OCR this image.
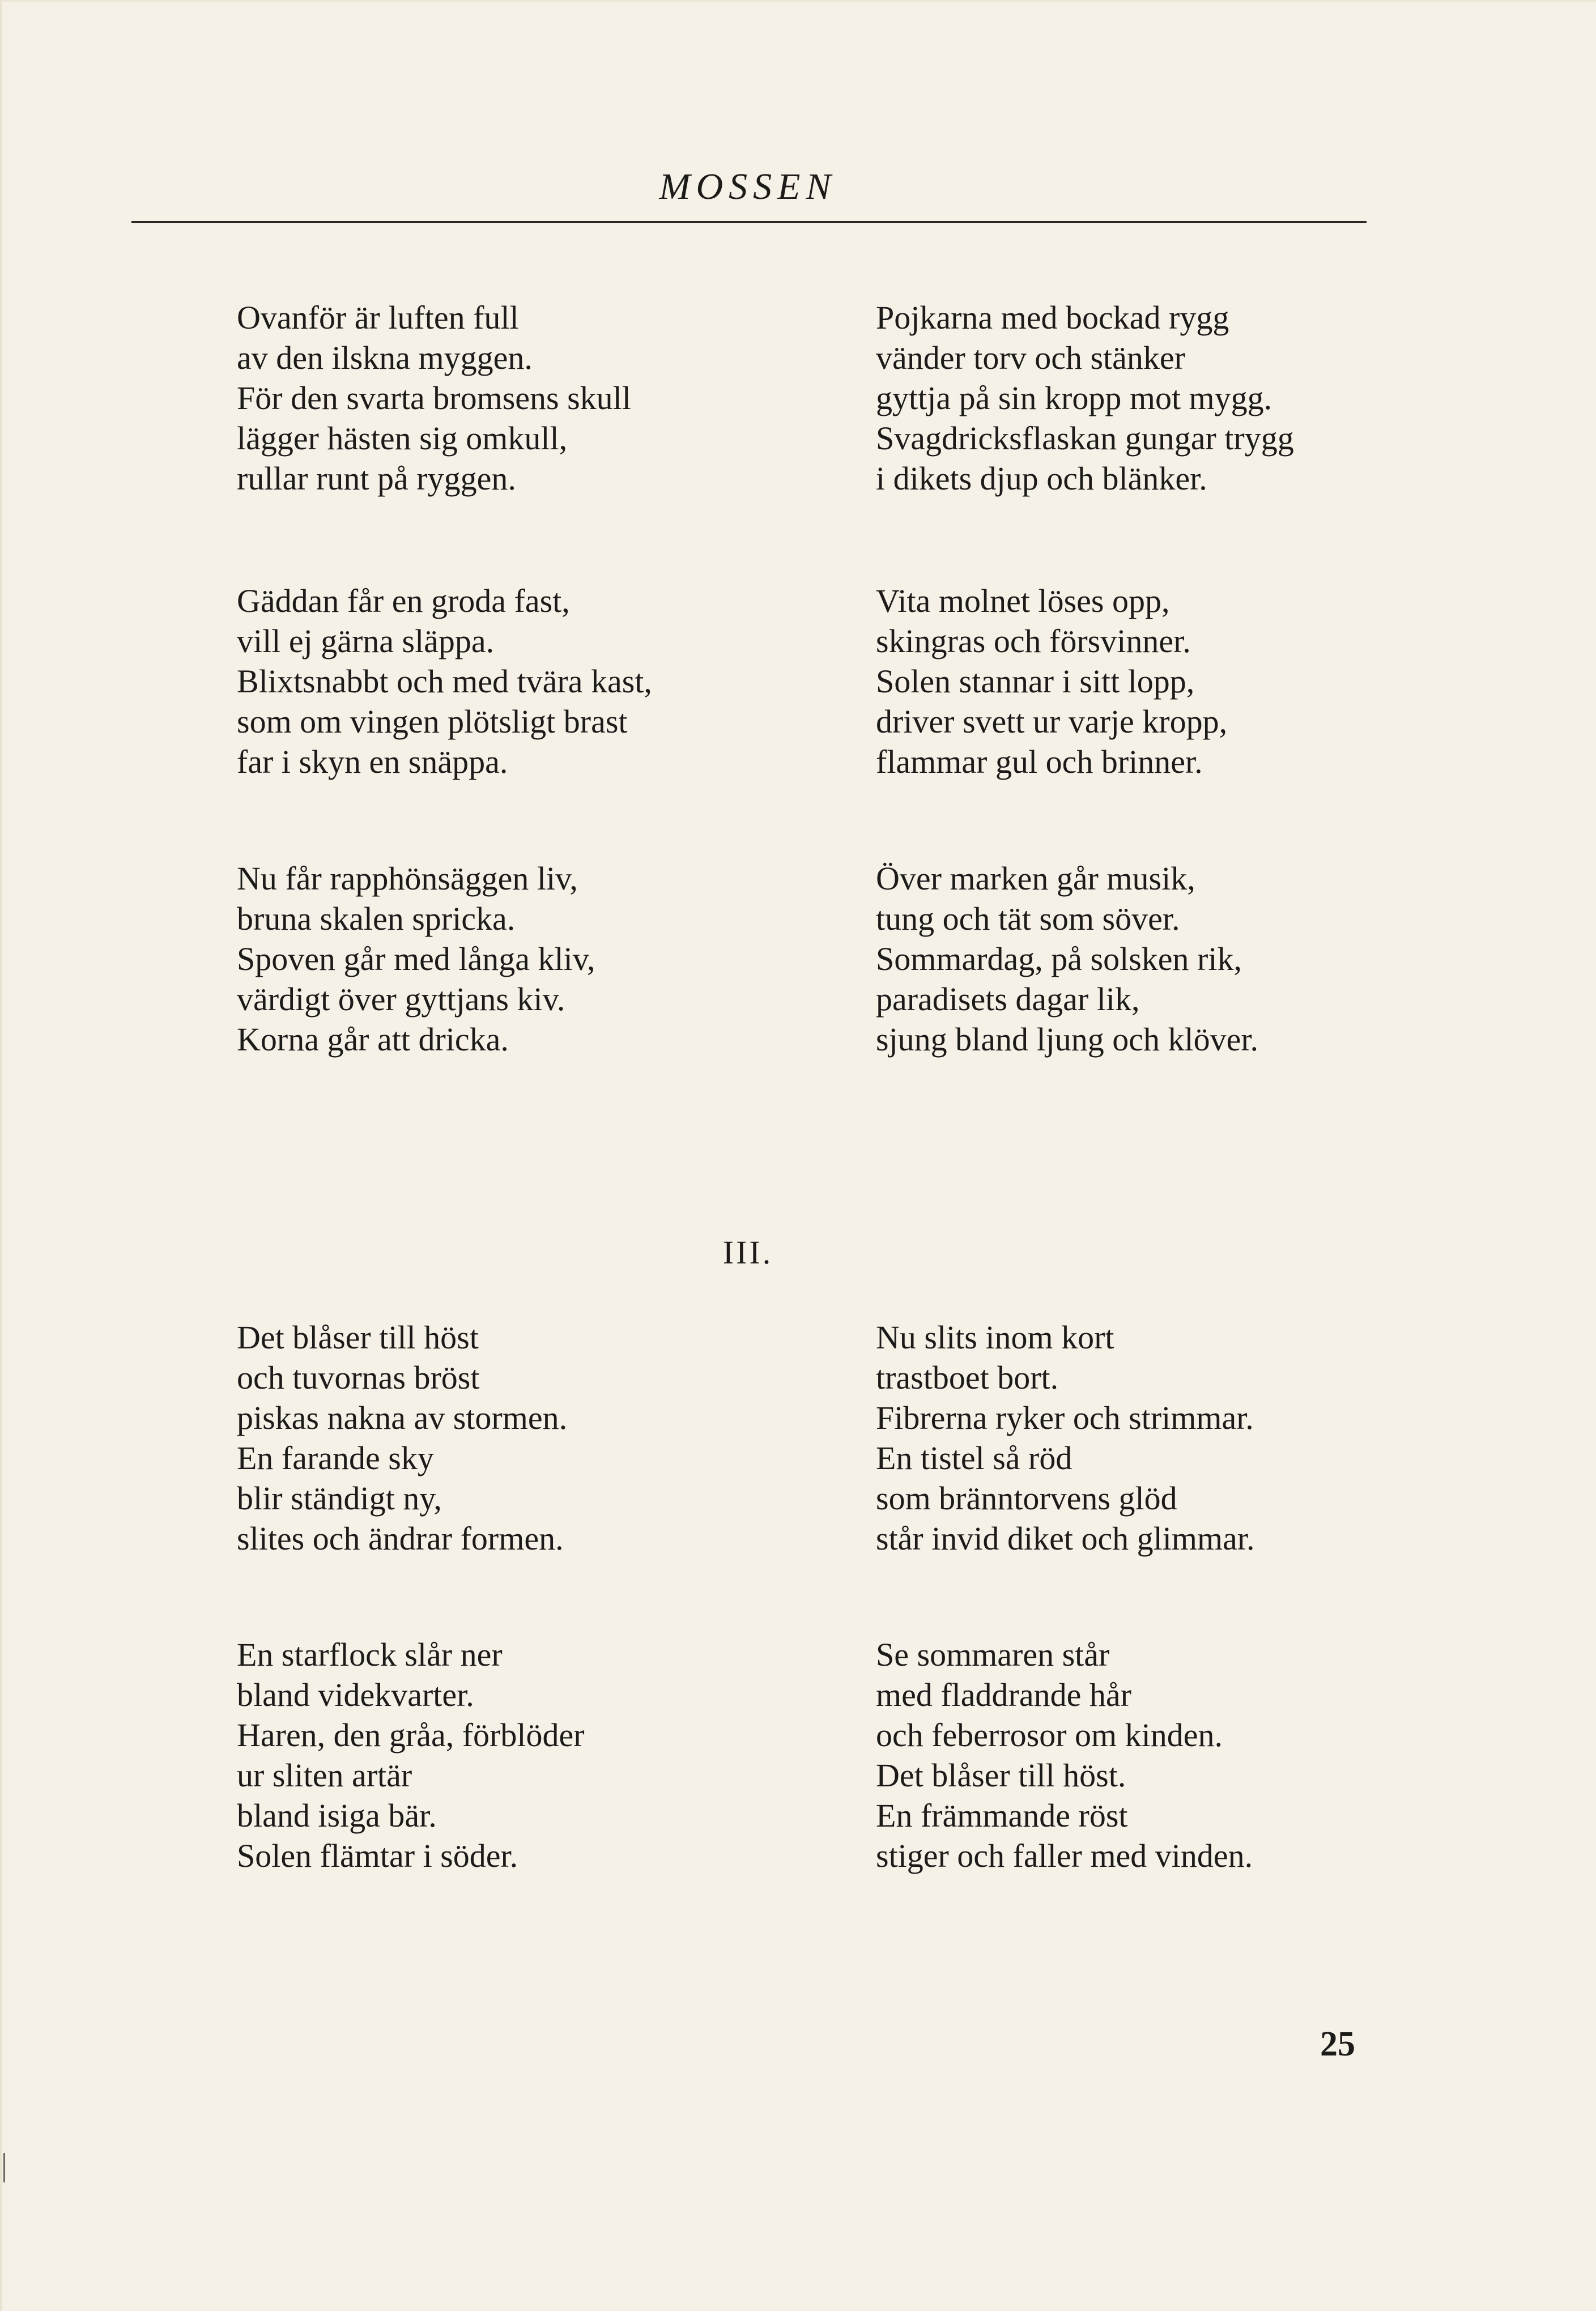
MOSSEN
Ovanför är luften full
av den ilskna myggen.
För den svarta bromsens skull
lägger hästen sig omkull,
rullar runt på ryggen.
Pojkarna med bockad rygg
vänder torv och stänker
gyttja på sin kropp mot mygg.
Svagdricksflaskan gungar trygg
i dikets djup och blänker.
Gäddan får en groda fast,
vill ej gärna släppa.
Blixtsnabbt och med tvära kast,
som om vingen plötsligt brast
far i skyn en snäppa.
Vita molnet löses opp,
skingras och försvinner.
Solen stannar i sitt lopp,
driver svett ur varje kropp,
flammar gul och brinner.
Nu får rapphönsäggen liv,
bruna skalen spricka.
Spoven går med långa kliv,
värdigt över gyttjans kiv.
Korna går att dricka.
Över marken går musik,
tung och tät som söver.
Sommardag, på solsken rik,
paradisets dagar lik,
sjung bland ljung och klöver.
III.
Det blåser till höst
och tuvornas bröst
piskas nakna av stormen.
En farande sky
blir ständigt ny,
slites och ändrar formen.
Nu slits inom kort
trastboet bort.
Fibrerna ryker och strimmar.
En tistel så röd
som bränntorvens glöd
står invid diket och glimmar.
En starflock slår ner
bland videkvarter.
Haren, den gråa, förblöder
ur sliten artär
bland isiga bär.
Solen flämtar i söder.
Se sommaren står
med fladdrande hår
och feberrosor om kinden.
Det blåser till höst.
En främmande röst
stiger och faller med vinden.
25
